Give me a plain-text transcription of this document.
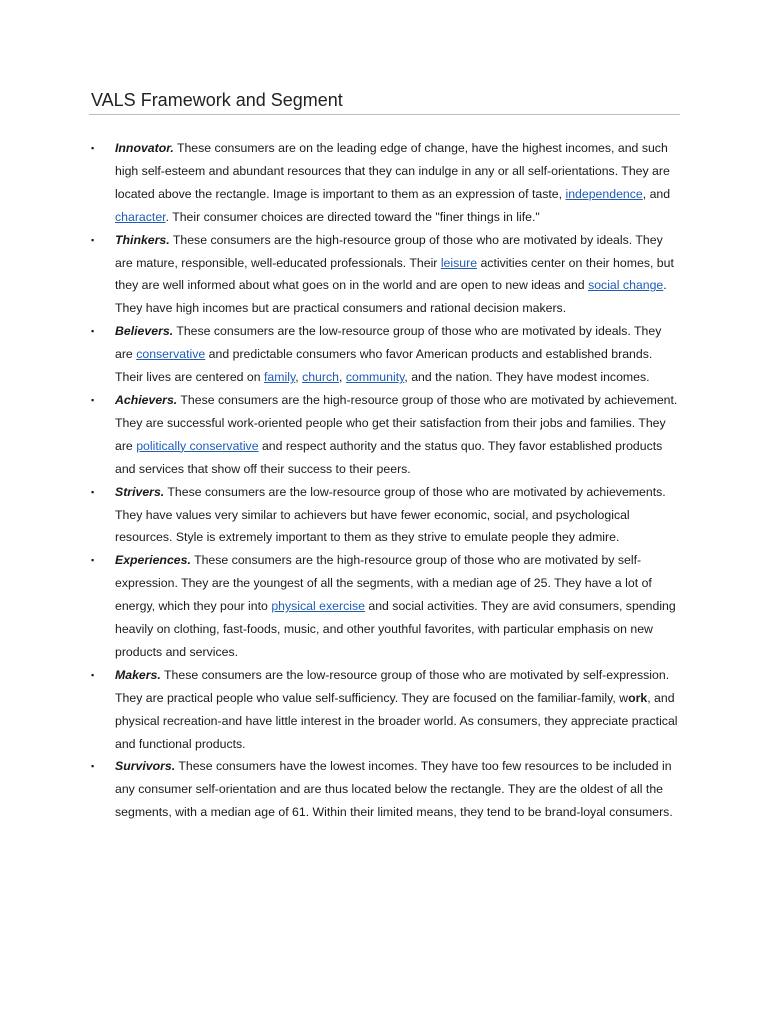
VALS Framework and Segment
▪ Innovator. These consumers are on the leading edge of change, have the highest incomes, and such high self-esteem and abundant resources that they can indulge in any or all self-orientations. They are located above the rectangle. Image is important to them as an expression of taste, independence, and character. Their consumer choices are directed toward the "finer things in life."
▪ Thinkers. These consumers are the high-resource group of those who are motivated by ideals. They are mature, responsible, well-educated professionals. Their leisure activities center on their homes, but they are well informed about what goes on in the world and are open to new ideas and social change. They have high incomes but are practical consumers and rational decision makers.
▪ Believers. These consumers are the low-resource group of those who are motivated by ideals. They are conservative and predictable consumers who favor American products and established brands. Their lives are centered on family, church, community, and the nation. They have modest incomes.
▪ Achievers. These consumers are the high-resource group of those who are motivated by achievement. They are successful work-oriented people who get their satisfaction from their jobs and families. They are politically conservative and respect authority and the status quo. They favor established products and services that show off their success to their peers.
▪ Strivers. These consumers are the low-resource group of those who are motivated by achievements. They have values very similar to achievers but have fewer economic, social, and psychological resources. Style is extremely important to them as they strive to emulate people they admire.
▪ Experiences. These consumers are the high-resource group of those who are motivated by self-expression. They are the youngest of all the segments, with a median age of 25. They have a lot of energy, which they pour into physical exercise and social activities. They are avid consumers, spending heavily on clothing, fast-foods, music, and other youthful favorites, with particular emphasis on new products and services.
▪ Makers. These consumers are the low-resource group of those who are motivated by self-expression. They are practical people who value self-sufficiency. They are focused on the familiar-family, work, and physical recreation-and have little interest in the broader world. As consumers, they appreciate practical and functional products.
▪ Survivors. These consumers have the lowest incomes. They have too few resources to be included in any consumer self-orientation and are thus located below the rectangle. They are the oldest of all the segments, with a median age of 61. Within their limited means, they tend to be brand-loyal consumers.
